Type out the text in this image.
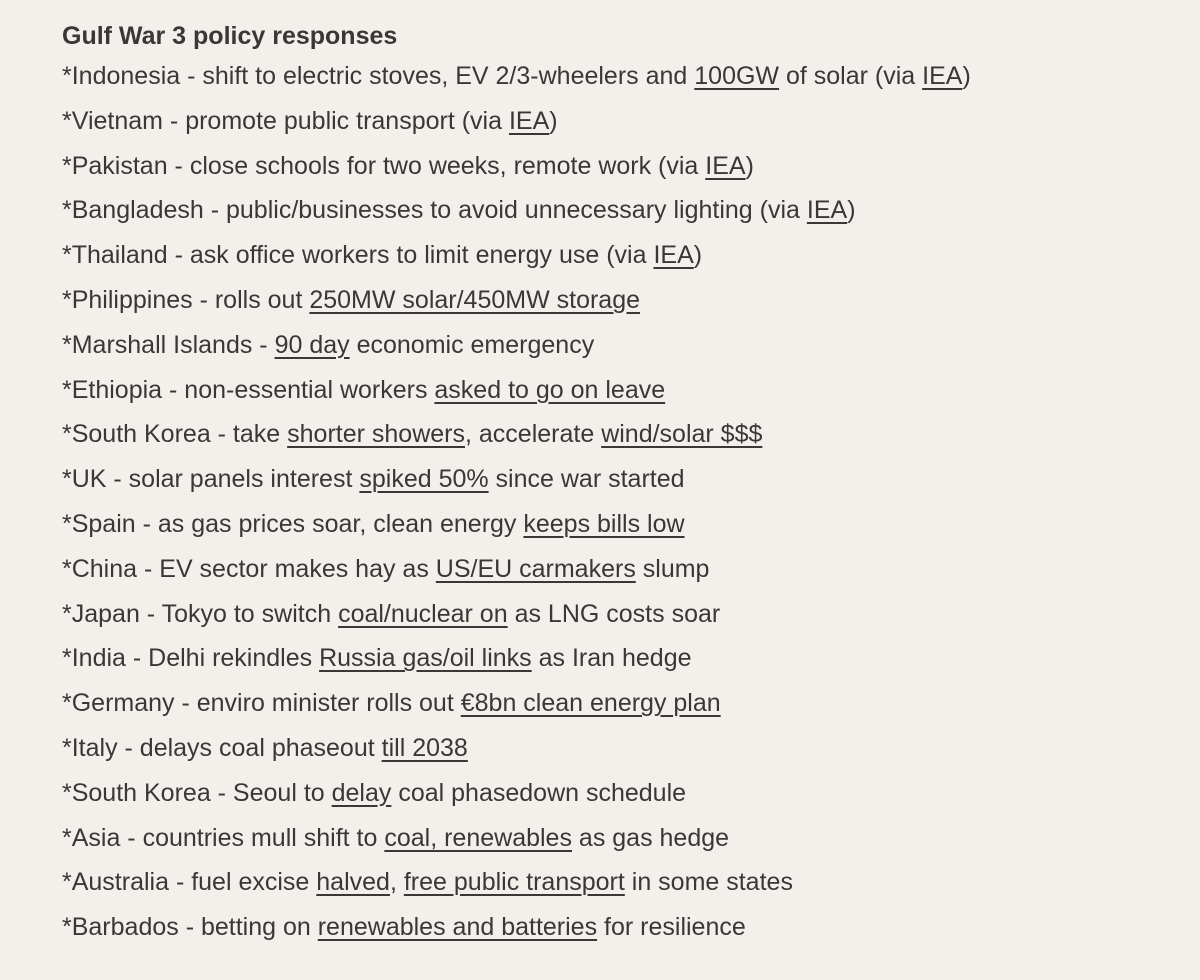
Gulf War 3 policy responses
*Indonesia - shift to electric stoves, EV 2/3-wheelers and 100GW of solar (via IEA)
*Vietnam - promote public transport (via IEA)
*Pakistan - close schools for two weeks, remote work (via IEA)
*Bangladesh - public/businesses to avoid unnecessary lighting (via IEA)
*Thailand - ask office workers to limit energy use (via IEA)
*Philippines - rolls out 250MW solar/450MW storage
*Marshall Islands - 90 day economic emergency
*Ethiopia - non-essential workers asked to go on leave
*South Korea - take shorter showers, accelerate wind/solar $$$
*UK - solar panels interest spiked 50% since war started
*Spain - as gas prices soar, clean energy keeps bills low
*China - EV sector makes hay as US/EU carmakers slump
*Japan - Tokyo to switch coal/nuclear on as LNG costs soar
*India - Delhi rekindles Russia gas/oil links as Iran hedge
*Germany - enviro minister rolls out €8bn clean energy plan
*Italy - delays coal phaseout till 2038
*South Korea - Seoul to delay coal phasedown schedule
*Asia - countries mull shift to coal, renewables as gas hedge
*Australia - fuel excise halved, free public transport in some states
*Barbados - betting on renewables and batteries for resilience
